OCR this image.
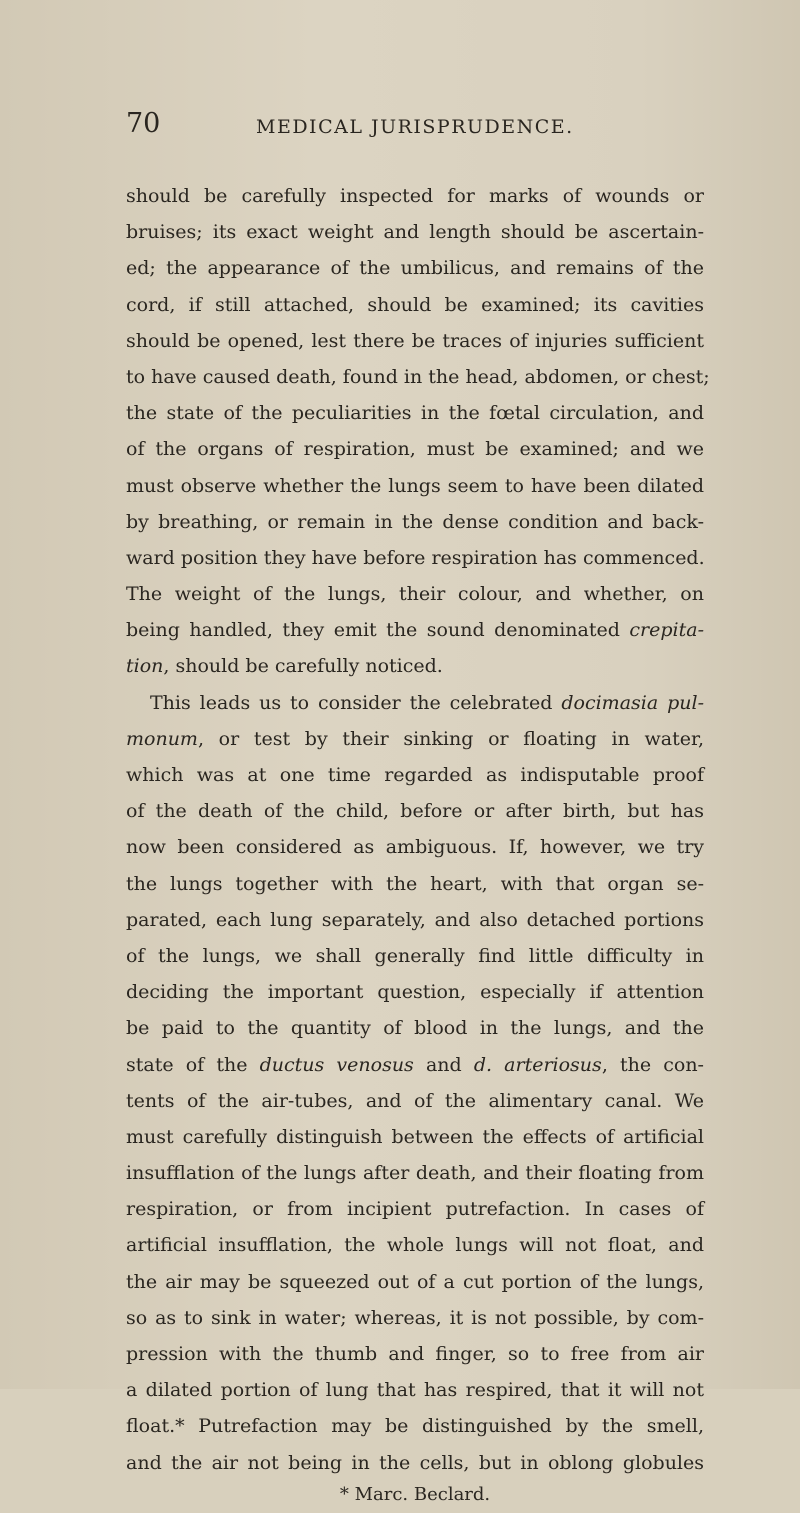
70	MEDICAL JURISPRUDENCE.
should be carefully inspected for marks of wounds or
bruises; its exact weight and length should be ascertain-
ed; the appearance of the umbilicus, and remains of the
cord, if still attached, should be examined; its cavities
should be opened, lest there be traces of injuries sufficient
to have caused death, found in the head, abdomen, or chest;
the state of the peculiarities in the fœtal circulation, and
of the organs of respiration, must be examined; and we
must observe whether the lungs seem to have been dilated
by breathing, or remain in the dense condition and back-
ward position they have before respiration has commenced.
The weight of the lungs, their colour, and whether, on
being handled, they emit the sound denominated crepita-
tion, should be carefully noticed.
This leads us to consider the celebrated docimasia pul-
monum, or test by their sinking or floating in water,
which was at one time regarded as indisputable proof
of the death of the child, before or after birth, but has
now been considered as ambiguous. If, however, we try
the lungs together with the heart, with that organ se-
parated, each lung separately, and also detached portions
of the lungs, we shall generally find little difficulty in
deciding the important question, especially if attention
be paid to the quantity of blood in the lungs, and the
state of the ductus venosus and d. arteriosus, the con-
tents of the air-tubes, and of the alimentary canal. We
must carefully distinguish between the effects of artificial
insufflation of the lungs after death, and their floating from
respiration, or from incipient putrefaction. In cases of
artificial insufflation, the whole lungs will not float, and
the air may be squeezed out of a cut portion of the lungs,
so as to sink in water; whereas, it is not possible, by com-
pression with the thumb and finger, so to free from air
a dilated portion of lung that has respired, that it will not
float.* Putrefaction may be distinguished by the smell,
and the air not being in the cells, but in oblong globules
* Marc. Beclard.
